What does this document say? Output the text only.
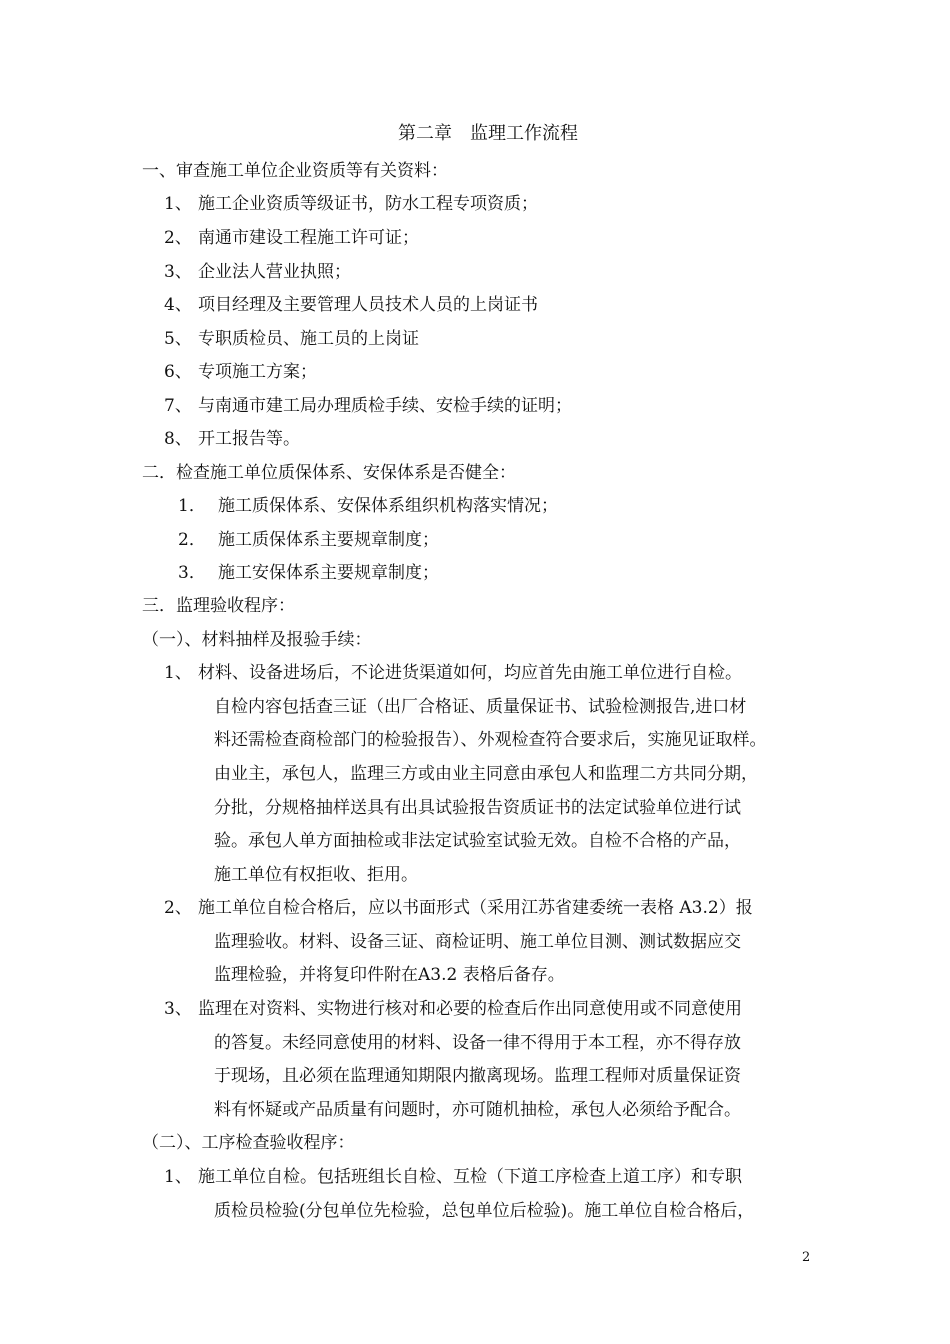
第二章　监理工作流程
一、审查施工单位企业资质等有关资料：
1、 施工企业资质等级证书，防水工程专项资质；
2、 南通市建设工程施工许可证；
3、 企业法人营业执照；
4、 项目经理及主要管理人员技术人员的上岗证书
5、 专职质检员、施工员的上岗证
6、 专项施工方案；
7、 与南通市建工局办理质检手续、安检手续的证明；
8、 开工报告等。
二．检查施工单位质保体系、安保体系是否健全：
1． 施工质保体系、安保体系组织机构落实情况；
2． 施工质保体系主要规章制度；
3． 施工安保体系主要规章制度；
三．监理验收程序：
（一）、材料抽样及报验手续：
1、 材料、设备进场后，不论进货渠道如何，均应首先由施工单位进行自检。
自检内容包括查三证（出厂合格证、质量保证书、试验检测报告,进口材
料还需检查商检部门的检验报告）、外观检查符合要求后，实施见证取样。
由业主，承包人，监理三方或由业主同意由承包人和监理二方共同分期，
分批，分规格抽样送具有出具试验报告资质证书的法定试验单位进行试
验。承包人单方面抽检或非法定试验室试验无效。自检不合格的产品，
施工单位有权拒收、拒用。
2、 施工单位自检合格后，应以书面形式（采用江苏省建委统一表格 A3.2）报
监理验收。材料、设备三证、商检证明、施工单位目测、测试数据应交
监理检验，并将复印件附在A3.2 表格后备存。
3、 监理在对资料、实物进行核对和必要的检查后作出同意使用或不同意使用
的答复。未经同意使用的材料、设备一律不得用于本工程，亦不得存放
于现场，且必须在监理通知期限内撤离现场。监理工程师对质量保证资
料有怀疑或产品质量有问题时，亦可随机抽检，承包人必须给予配合。
（二）、工序检查验收程序：
1、 施工单位自检。包括班组长自检、互检（下道工序检查上道工序）和专职
质检员检验(分包单位先检验，总包单位后检验)。施工单位自检合格后，
2
